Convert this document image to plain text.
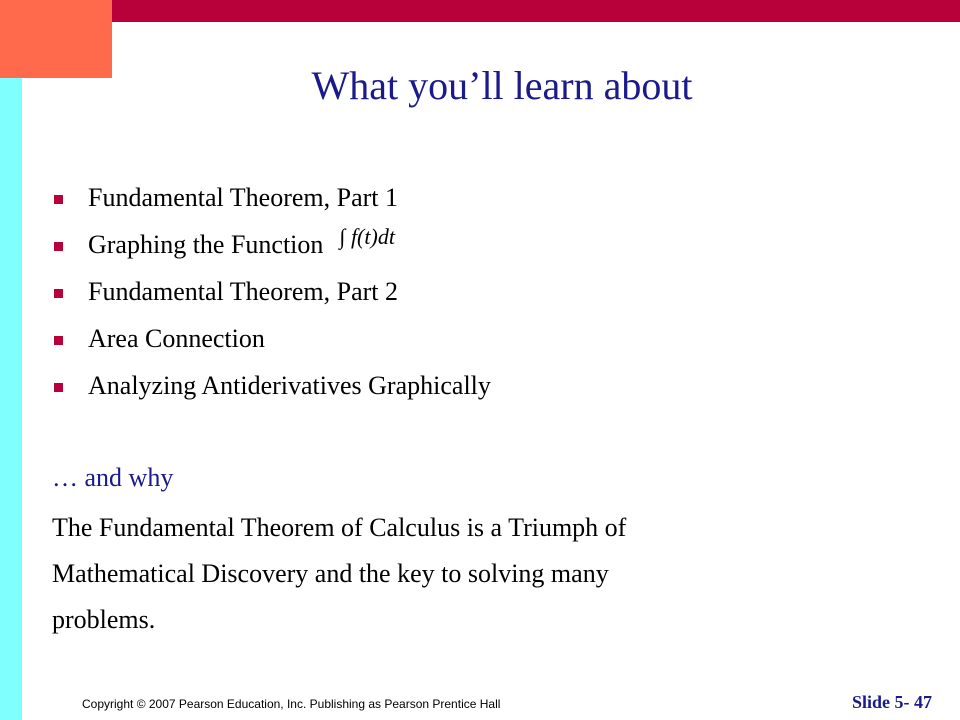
What you’ll learn about
Fundamental Theorem, Part 1
Graphing the Function ∫ f(t)dt
Fundamental Theorem, Part 2
Area Connection
Analyzing Antiderivatives Graphically
… and why
The Fundamental Theorem of Calculus is a Triumph of
Mathematical Discovery and the key to solving many
problems.
Copyright © 2007 Pearson Education, Inc. Publishing as Pearson Prentice Hall	Slide 5- 47
